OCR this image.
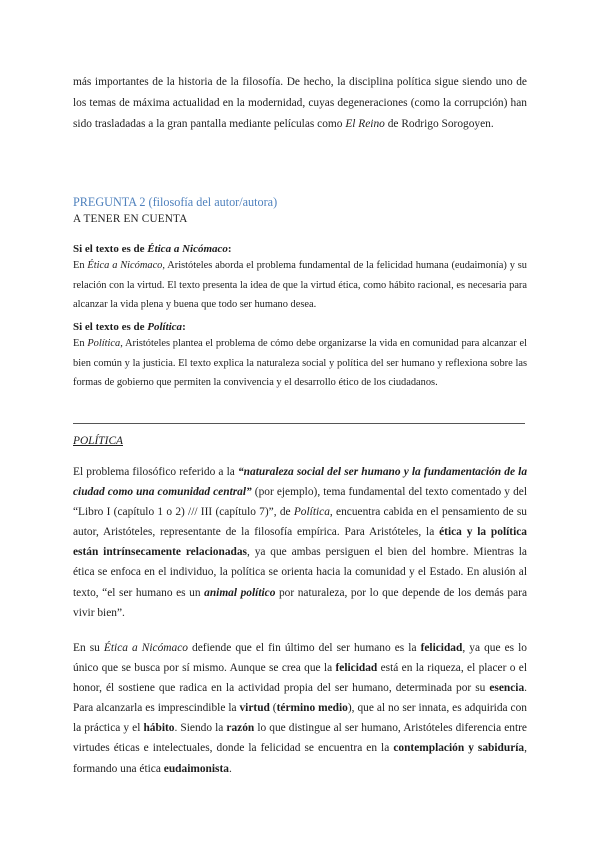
más importantes de la historia de la filosofía. De hecho, la disciplina política sigue siendo uno de los temas de máxima actualidad en la modernidad, cuyas degeneraciones (como la corrupción) han sido trasladadas a la gran pantalla mediante películas como El Reino de Rodrigo Sorogoyen.
PREGUNTA 2 (filosofía del autor/autora)
A TENER EN CUENTA
Si el texto es de Ética a Nicómaco:
En Ética a Nicómaco, Aristóteles aborda el problema fundamental de la felicidad humana (eudaimonía) y su relación con la virtud. El texto presenta la idea de que la virtud ética, como hábito racional, es necesaria para alcanzar la vida plena y buena que todo ser humano desea.
Si el texto es de Política:
En Política, Aristóteles plantea el problema de cómo debe organizarse la vida en comunidad para alcanzar el bien común y la justicia. El texto explica la naturaleza social y política del ser humano y reflexiona sobre las formas de gobierno que permiten la convivencia y el desarrollo ético de los ciudadanos.
POLÍTICA
El problema filosófico referido a la “naturaleza social del ser humano y la fundamentación de la ciudad como una comunidad central” (por ejemplo), tema fundamental del texto comentado y del “Libro I (capítulo 1 o 2) /// III (capítulo 7)”, de Política, encuentra cabida en el pensamiento de su autor, Aristóteles, representante de la filosofía empírica. Para Aristóteles, la ética y la política están intrínsecamente relacionadas, ya que ambas persiguen el bien del hombre. Mientras la ética se enfoca en el individuo, la política se orienta hacia la comunidad y el Estado. En alusión al texto, “el ser humano es un animal político por naturaleza, por lo que depende de los demás para vivir bien”.
En su Ética a Nicómaco defiende que el fin último del ser humano es la felicidad, ya que es lo único que se busca por sí mismo. Aunque se crea que la felicidad está en la riqueza, el placer o el honor, él sostiene que radica en la actividad propia del ser humano, determinada por su esencia. Para alcanzarla es imprescindible la virtud (término medio), que al no ser innata, es adquirida con la práctica y el hábito. Siendo la razón lo que distingue al ser humano, Aristóteles diferencia entre virtudes éticas e intelectuales, donde la felicidad se encuentra en la contemplación y sabiduría, formando una ética eudaimonista.
